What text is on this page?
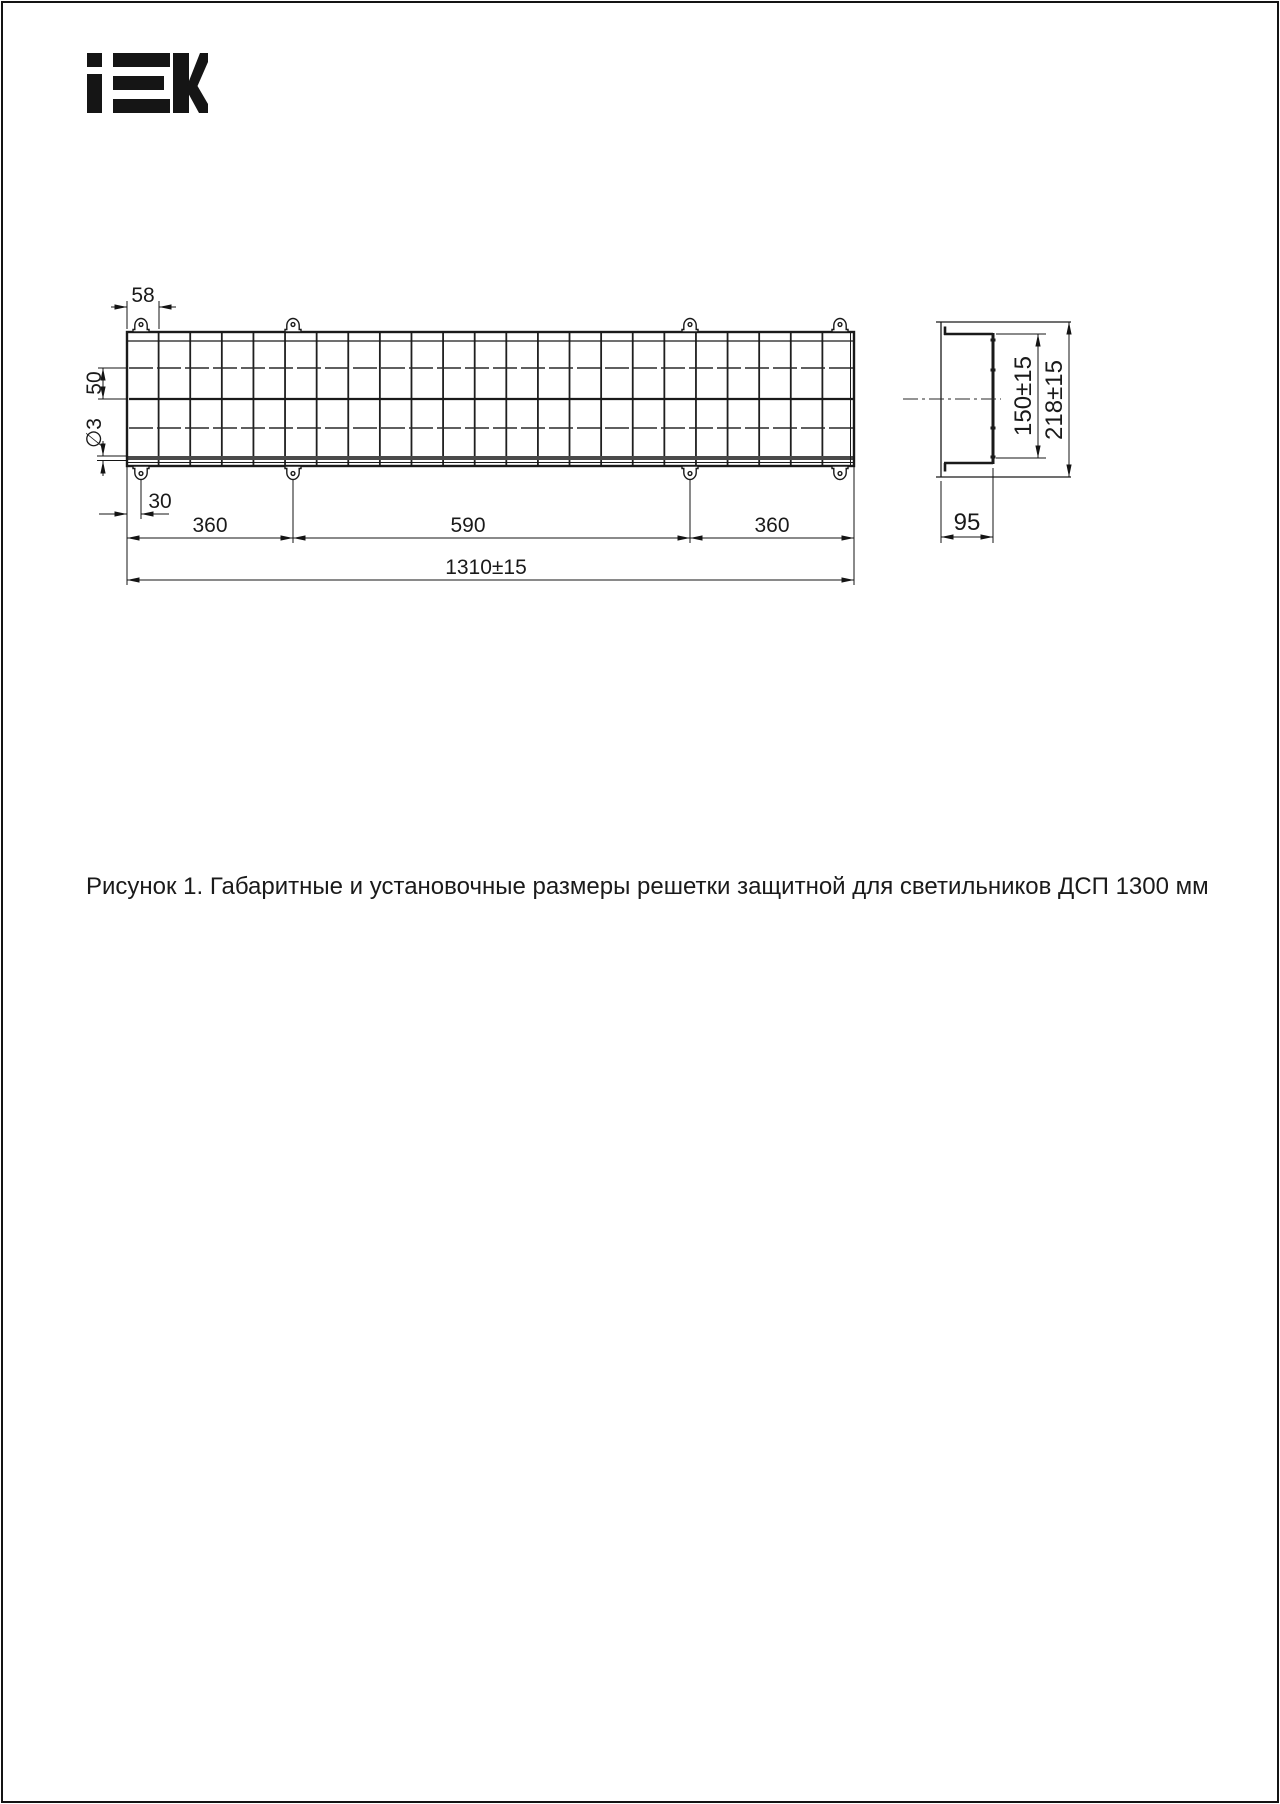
58
50
∅3
30
360	590	360
1310±15
150±15 218±15
95
Рисунок 1. Габаритные и установочные размеры решетки защитной для светильников ДСП 1300 мм
